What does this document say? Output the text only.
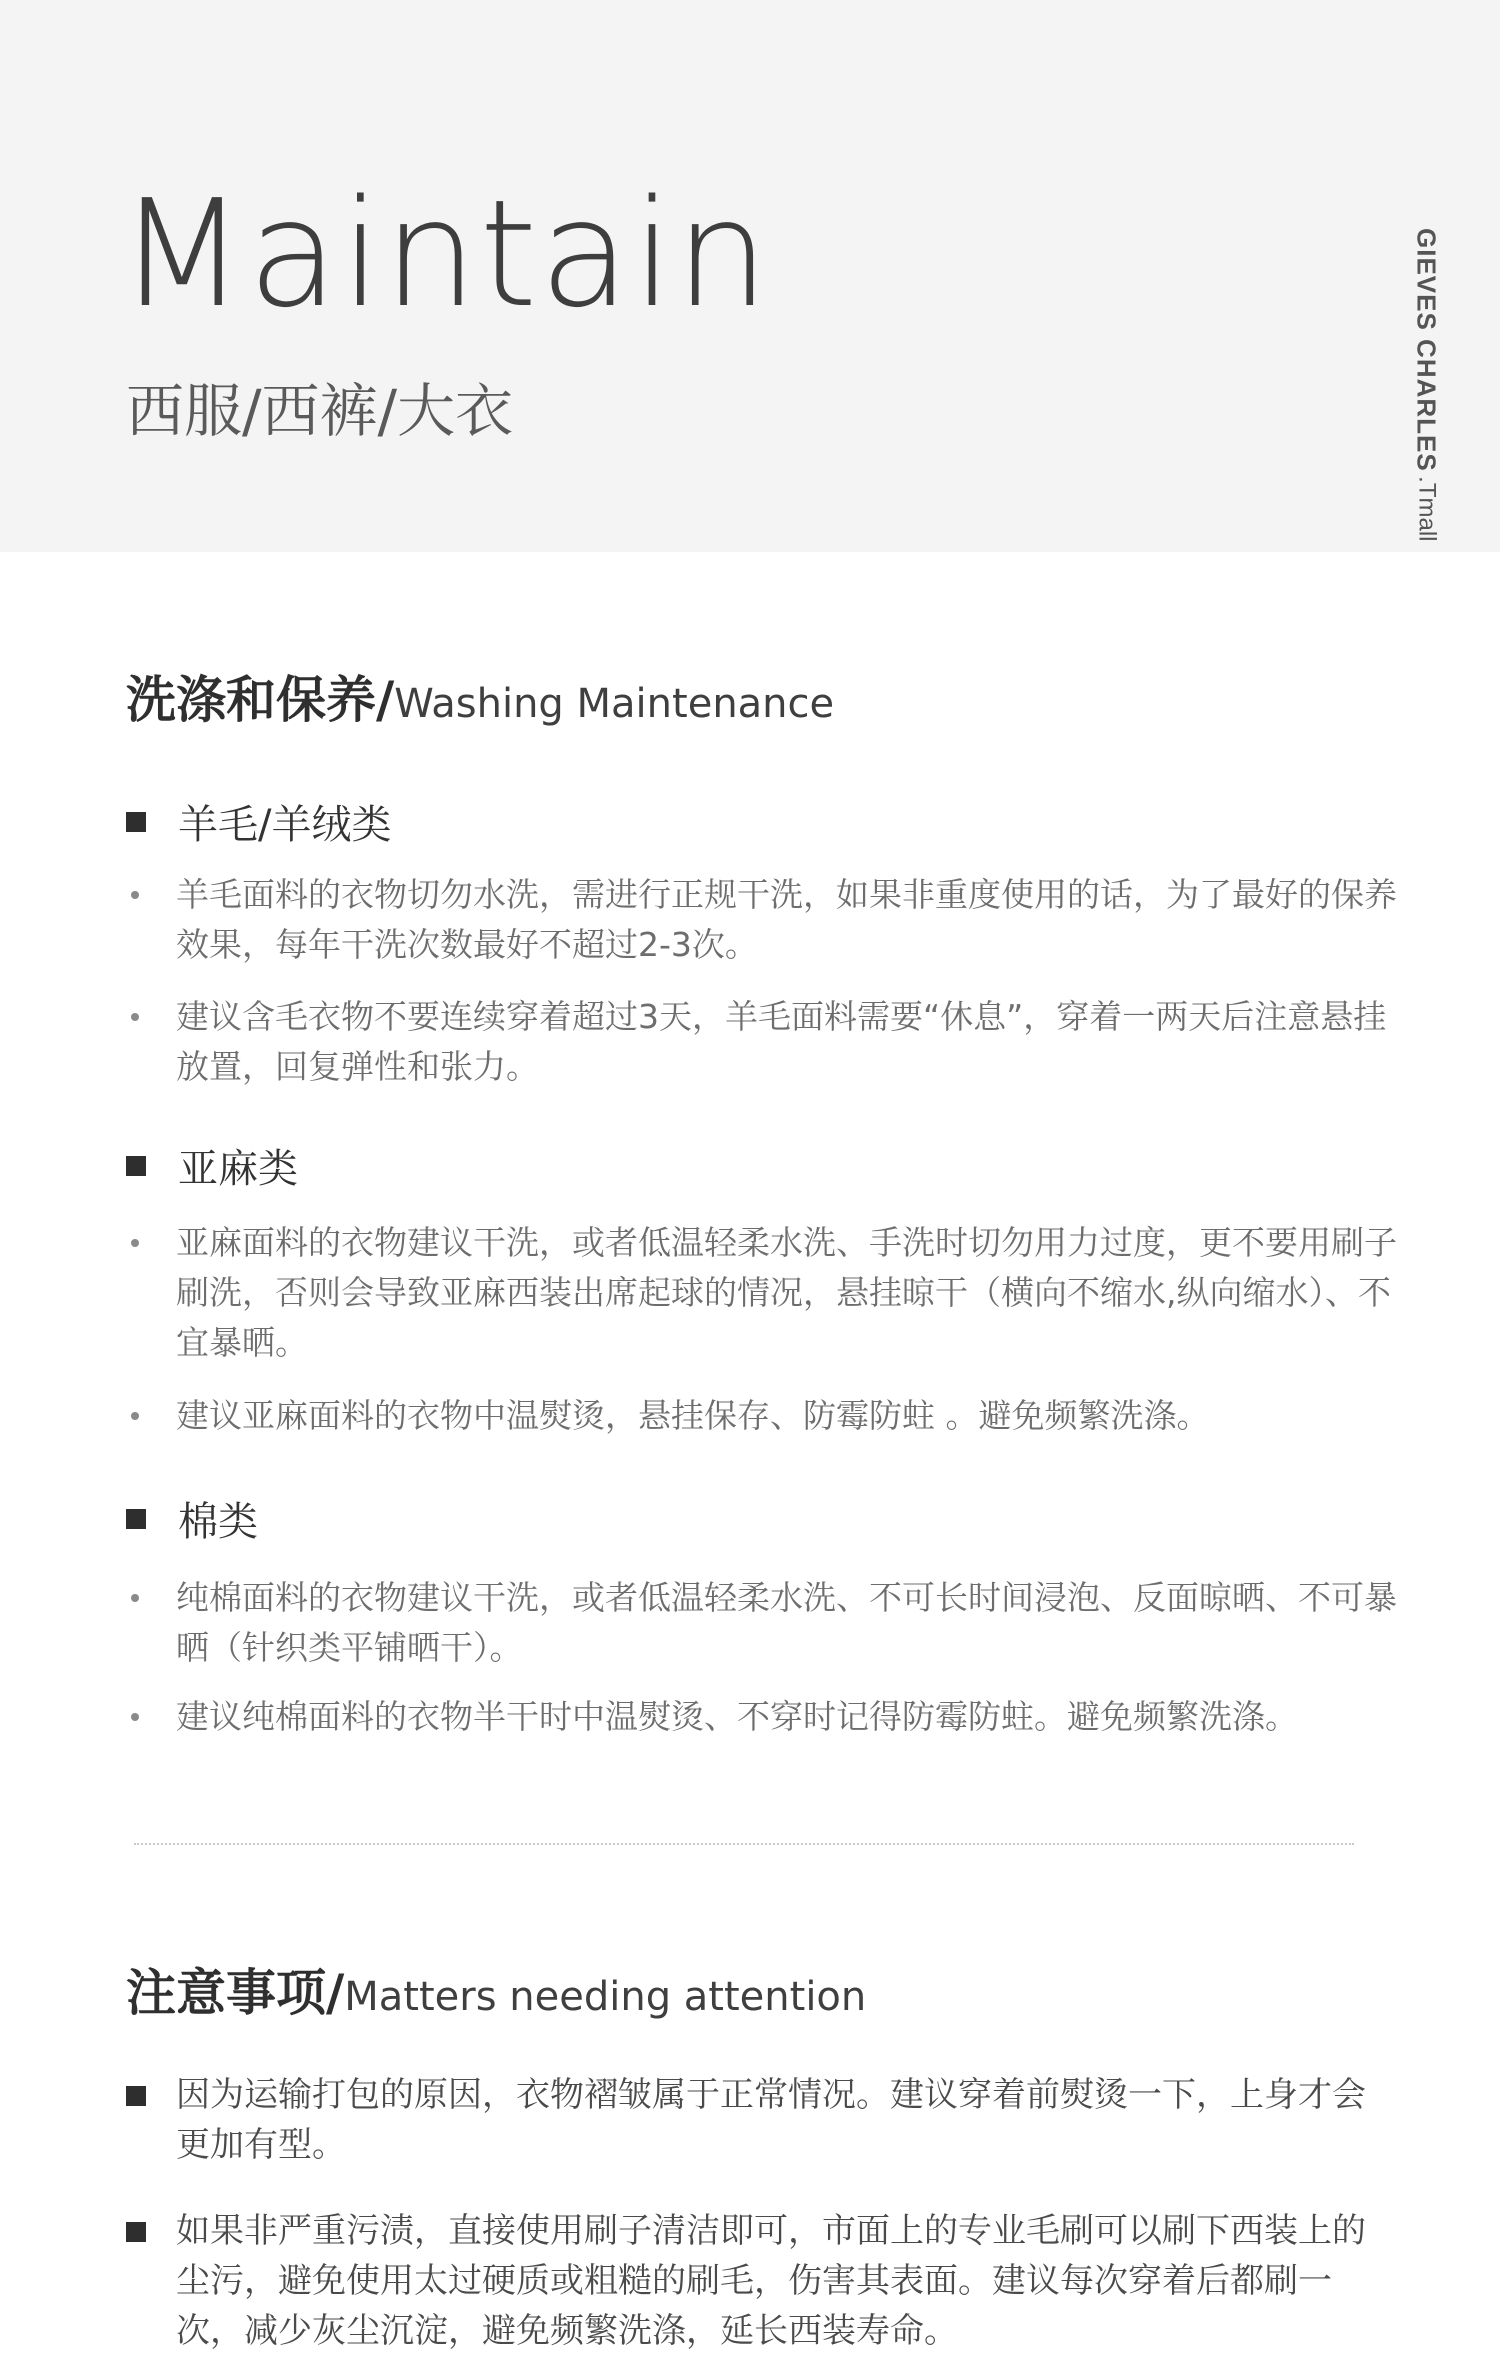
Maintain
西服/西裤/大衣	GIEVES CHARLES .Tmall
洗涤和保养/Washing Maintenance
羊毛/羊绒类
羊毛面料的衣物切勿水洗，需进行正规干洗，如果非重度使用的话，为了最好的保养效果，每年干洗次数最好不超过2-3次。
建议含毛衣物不要连续穿着超过3天，羊毛面料需要“休息”，穿着一两天后注意悬挂放置，回复弹性和张力。
亚麻类
亚麻面料的衣物建议干洗，或者低温轻柔水洗、手洗时切勿用力过度，更不要用刷子刷洗，否则会导致亚麻西装出席起球的情况，悬挂晾干（横向不缩水,纵向缩水）、不宜暴晒。
建议亚麻面料的衣物中温熨烫，悬挂保存、防霉防蛀 。避免频繁洗涤。
棉类
纯棉面料的衣物建议干洗，或者低温轻柔水洗、不可长时间浸泡、反面晾晒、不可暴晒（针织类平铺晒干）。
建议纯棉面料的衣物半干时中温熨烫、不穿时记得防霉防蛀。避免频繁洗涤。
注意事项/Matters needing attention
因为运输打包的原因，衣物褶皱属于正常情况。建议穿着前熨烫一下，上身才会更加有型。
如果非严重污渍，直接使用刷子清洁即可，市面上的专业毛刷可以刷下西装上的尘污，避免使用太过硬质或粗糙的刷毛，伤害其表面。建议每次穿着后都刷一次，减少灰尘沉淀，避免频繁洗涤，延长西装寿命。
